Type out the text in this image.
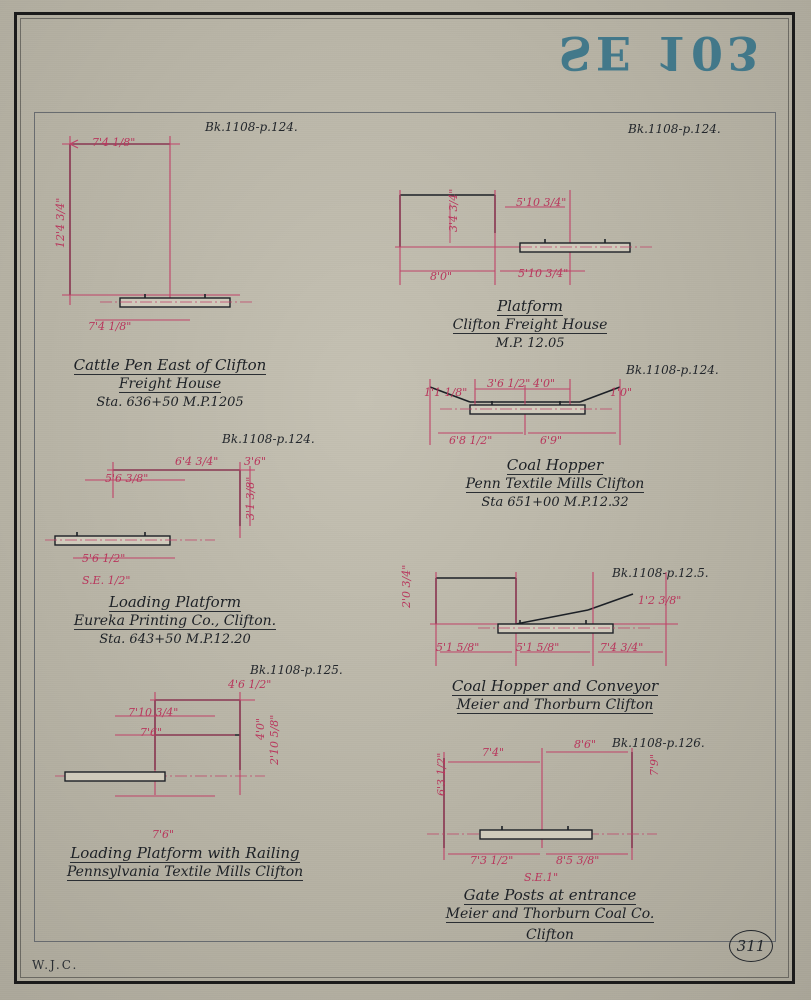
SE 103
Bk.1108-p.124.
7'4 1/8"
12'4 3/4"
7'4 1/8"
Cattle Pen East of Clifton
Freight House
Sta. 636+50 M.P.1205
Bk.1108-p.124.
5'10 3/4"
3'4 3/4"
8'0"	5'10 3/4"
Platform
Clifton Freight House
M.P. 12.05
Bk.1108-p.124.
1'1 1/8"
3'6 1/2" 4'0"
1'0"
6'8 1/2"	6'9"
Coal Hopper
Penn Textile Mills Clifton
Sta 651+00 M.P.12.32
Bk.1108-p.124.
6'4 3/4" 3'6"
5'6 3/8"	3'1 3/8"
5'6 1/2"
S.E. 1/2"
Loading Platform
Eureka Printing Co., Clifton.
Sta. 643+50 M.P.12.20
Bk.1108-p.12.5.
2'0 3/4"	1'2 3/8"
5'1 5/8"	5'1 5/8"	7'4 3/4"
Coal Hopper and Conveyor
Meier and Thorburn Clifton
Bk.1108-p.125.
4'6 1/2"
7'10 3/4"
7'6"	4'0" 2'10 5/8"
7'6"
Loading Platform with Railing
Pennsylvania Textile Mills Clifton
Bk.1108-p.126.
7'4"
8'6"
6'3 1/2"	7'9"
7'3 1/2"	8'5 3/8"
S.E.1"
Gate Posts at entrance
Meier and Thorburn Coal Co.
Clifton
W.J.C.
311
